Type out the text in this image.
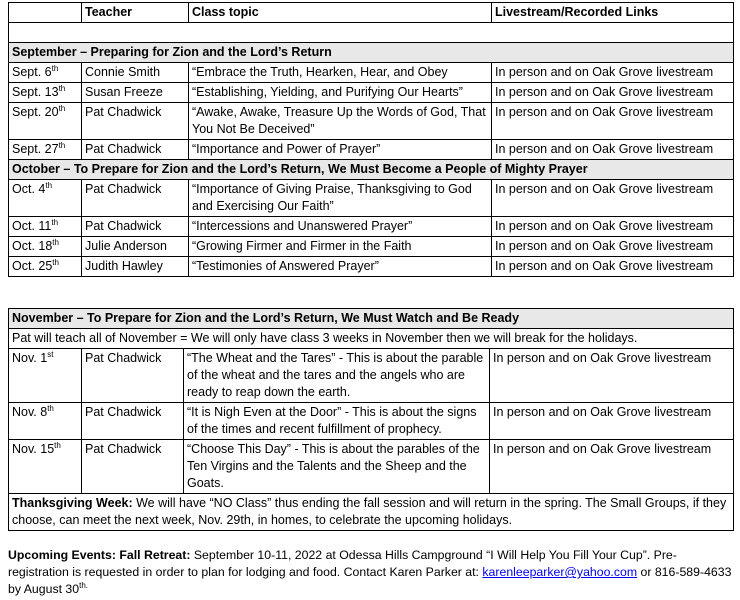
	Teacher	Class topic	Livestream/Recorded Links

September – Preparing for Zion and the Lord’s Return			
Sept. 6th	Connie Smith	“Embrace the Truth, Hearken, Hear, and Obey	In person and on Oak Grove livestream
Sept. 13th	Susan Freeze	“Establishing, Yielding, and Purifying Our Hearts”	In person and on Oak Grove livestream
Sept. 20th	Pat Chadwick	“Awake, Awake, Treasure Up the Words of God, That You Not Be Deceived”	In person and on Oak Grove livestream
Sept. 27th	Pat Chadwick	“Importance and Power of Prayer”	In person and on Oak Grove livestream
October – To Prepare for Zion and the Lord’s Return, We Must Become a People of Mighty Prayer			
Oct. 4th	Pat Chadwick	“Importance of Giving Praise, Thanksgiving to God and Exercising Our Faith”	In person and on Oak Grove livestream
Oct. 11th	Pat Chadwick	“Intercessions and Unanswered Prayer”	In person and on Oak Grove livestream
Oct. 18th	Julie Anderson	“Growing Firmer and Firmer in the Faith	In person and on Oak Grove livestream
Oct. 25th	Judith Hawley	“Testimonies of Answered Prayer”	In person and on Oak Grove livestream
November – To Prepare for Zion and the Lord’s Return, We Must Watch and Be Ready			
Pat will teach all of November = We will only have class 3 weeks in November then we will break for the holidays.			
Nov. 1st	Pat Chadwick	“The Wheat and the Tares” - This is about the parable of the wheat and the tares and the angels who are ready to reap down the earth.	In person and on Oak Grove livestream
Nov. 8th	Pat Chadwick	“It is Nigh Even at the Door” - This is about the signs of the times and recent fulfillment of prophecy.	In person and on Oak Grove livestream
Nov. 15th	Pat Chadwick	“Choose This Day” - This is about the parables of the Ten Virgins and the Talents and the Sheep and the Goats.	In person and on Oak Grove livestream
Thanksgiving Week: We will have “NO Class” thus ending the fall session and will return in the spring. The Small Groups, if they choose, can meet the next week, Nov. 29th, in homes, to celebrate the upcoming holidays.			
Upcoming Events: Fall Retreat: September 10-11, 2022 at Odessa Hills Campground “I Will Help You Fill Your Cup”. Pre-registration is requested in order to plan for lodging and food. Contact Karen Parker at: karenleeparker@yahoo.com or 816-589-4633 by August $30^{th.}$
